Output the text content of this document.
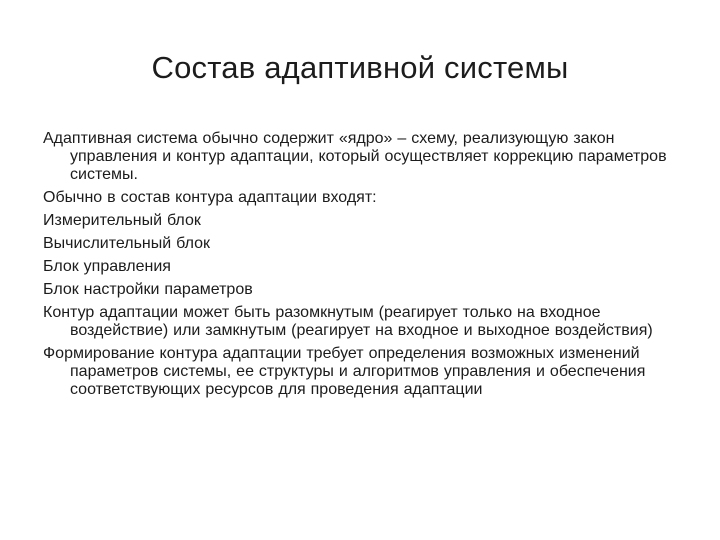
Состав адаптивной системы
Адаптивная система обычно содержит «ядро» – схему, реализующую закон управления и контур адаптации, который осуществляет коррекцию параметров системы.
Обычно в состав контура адаптации входят:
Измерительный блок
Вычислительный блок
Блок управления
Блок настройки параметров
Контур адаптации может быть разомкнутым (реагирует только на входное воздействие) или замкнутым (реагирует на входное и выходное воздействия)
Формирование контура адаптации требует определения возможных изменений параметров системы, ее структуры и алгоритмов управления и обеспечения соответствующих ресурсов для проведения адаптации
